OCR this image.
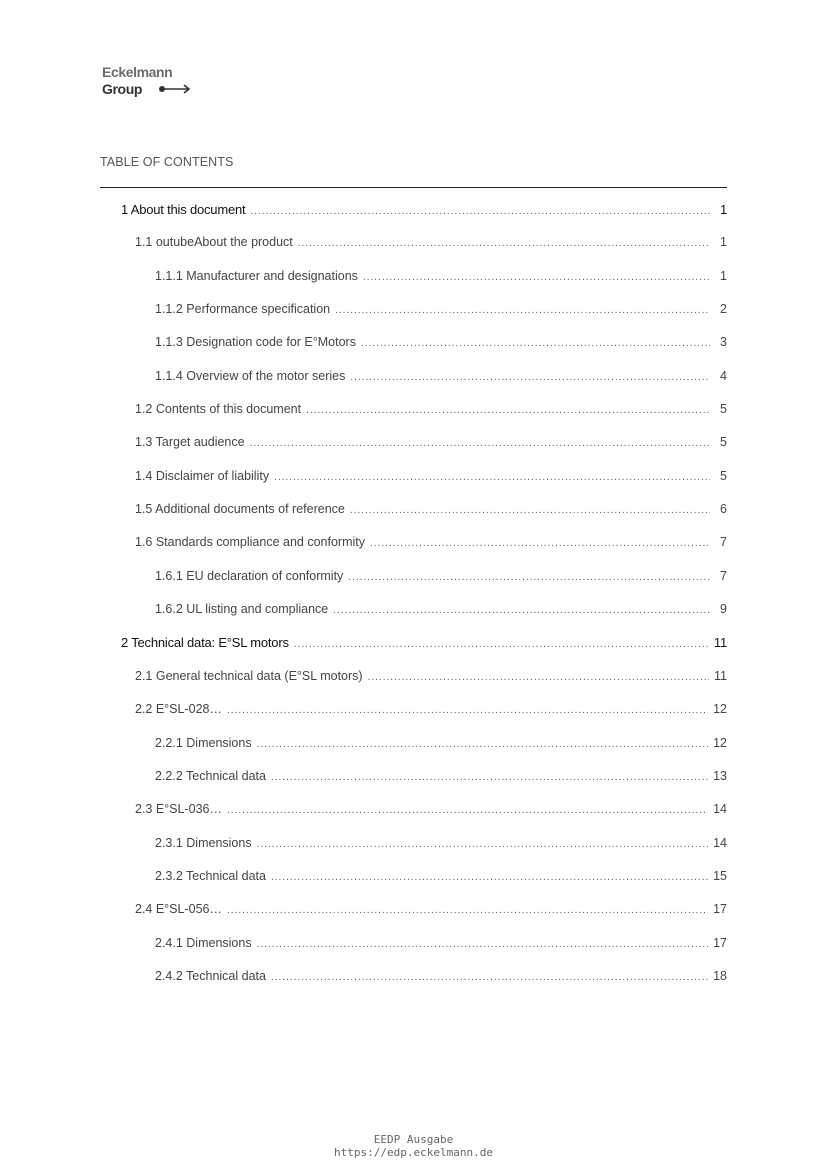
Eckelmann
Group
TABLE OF CONTENTS
1 About this document .....	1
1.1 outubeAbout the product .....	1
1.1.1 Manufacturer and designations .....	1
1.1.2 Performance specification .....	2
1.1.3 Designation code for E°Motors .....	3
1.1.4 Overview of the motor series .....	4
1.2 Contents of this document .....	5
1.3 Target audience .....	5
1.4 Disclaimer of liability .....	5
1.5 Additional documents of reference .....	6
1.6 Standards compliance and conformity .....	7
1.6.1 EU declaration of conformity .....	7
1.6.2 UL listing and compliance .....	9
2 Technical data: E°SL motors .....	11
2.1 General technical data (E°SL motors) .....	11
2.2 E°SL-028… .....	12
2.2.1 Dimensions .....	12
2.2.2 Technical data .....	13
2.3 E°SL-036… .....	14
2.3.1 Dimensions .....	14
2.3.2 Technical data .....	15
2.4 E°SL-056… .....	17
2.4.1 Dimensions .....	17
2.4.2 Technical data .....	18
EEDP Ausgabe
https://edp.eckelmann.de
